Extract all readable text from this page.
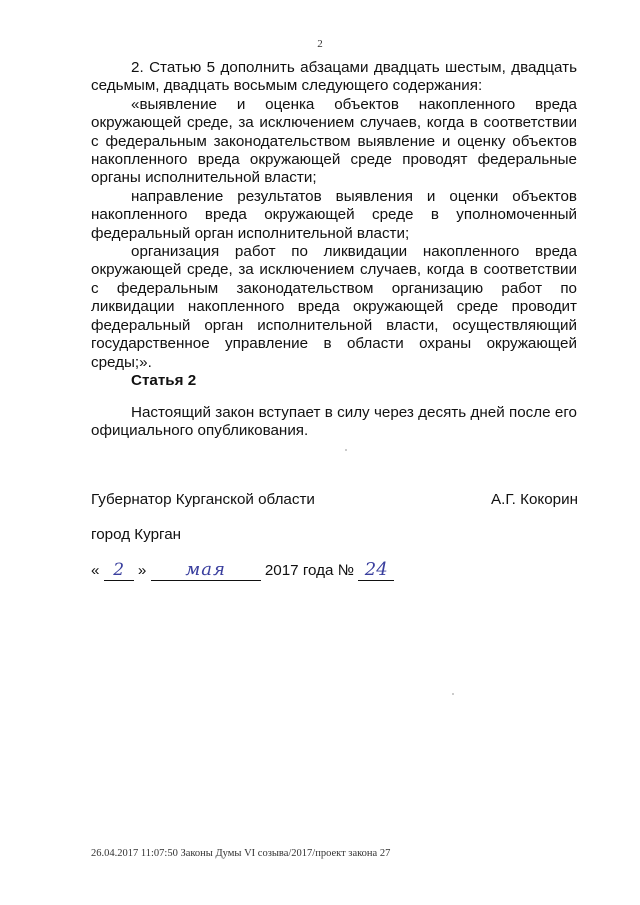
2

2. Статью 5 дополнить абзацами двадцать шестым, двадцать седьмым, двадцать восьмым следующего содержания:

«выявление и оценка объектов накопленного вреда окружающей среде, за исключением случаев, когда в соответствии с федеральным законодательством выявление и оценку объектов накопленного вреда окружающей среде проводят федеральные органы исполнительной власти;

направление результатов выявления и оценки объектов накопленного вреда окружающей среде в уполномоченный федеральный орган исполнительной власти;

организация работ по ликвидации накопленного вреда окружающей среде, за исключением случаев, когда в соответствии с федеральным законодательством организацию работ по ликвидации накопленного вреда окружающей среде проводит федеральный орган исполнительной власти, осуществляющий государственное управление в области охраны окружающей среды;».

Статья 2

Настоящий закон вступает в силу через десять дней после его официального опубликования.

Губернатор Курганской области	А.Г. Кокорин
город Курган
« 2 » мая	2017 года № 24
26.04.2017 11:07:50 Законы Думы VI созыва/2017/проект закона 27
